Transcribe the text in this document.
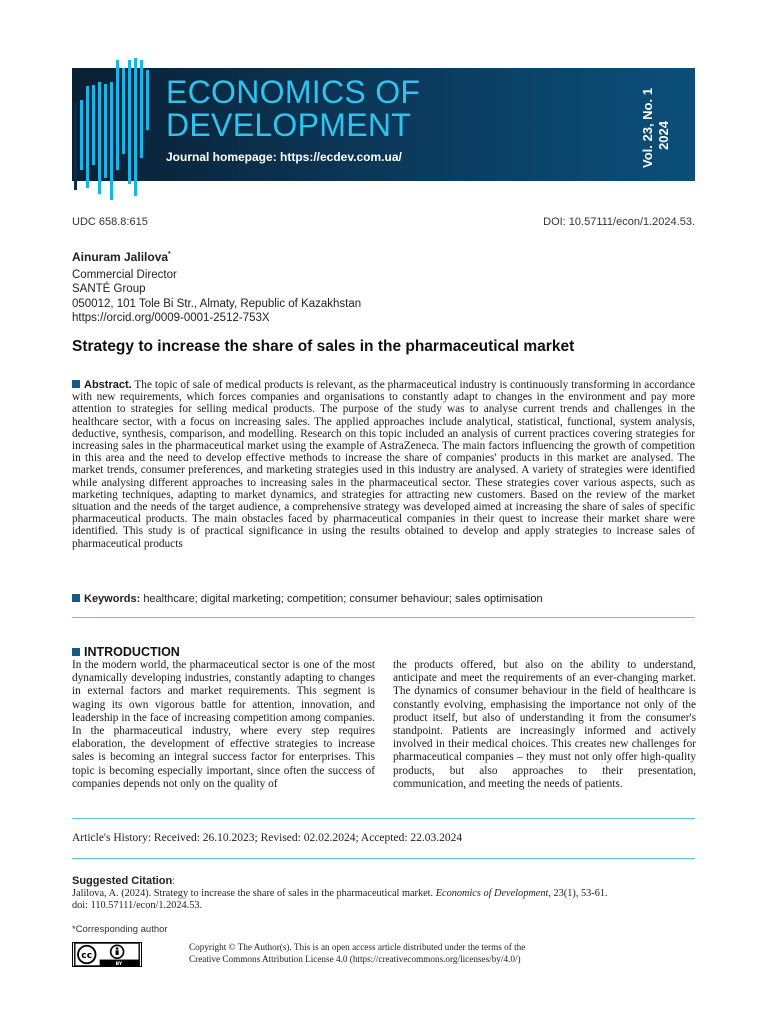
ECONOMICS OF
DEVELOPMENT
Journal homepage: https://ecdev.com.ua/	Vol. 23, No. 1 2024
UDC 658.8:615	DOI: 10.57111/econ/1.2024.53.
Ainuram Jalilova*
Commercial Director
SANTÉ Group
050012, 101 Tole Bi Str., Almaty, Republic of Kazakhstan
https://orcid.org/0009-0001-2512-753X
Strategy to increase the share of sales in the pharmaceutical market
Abstract. The topic of sale of medical products is relevant, as the pharmaceutical industry is continuously transforming in accordance with new requirements, which forces companies and organisations to constantly adapt to changes in the environment and pay more attention to strategies for selling medical products. The purpose of the study was to analyse current trends and challenges in the healthcare sector, with a focus on increasing sales. The applied approaches include analytical, statistical, functional, system analysis, deductive, synthesis, comparison, and modelling. Research on this topic included an analysis of current practices covering strategies for increasing sales in the pharmaceutical market using the example of AstraZeneca. The main factors influencing the growth of competition in this area and the need to develop effective methods to increase the share of companies' products in this market are analysed. The market trends, consumer preferences, and marketing strategies used in this industry are analysed. A variety of strategies were identified while analysing different approaches to increasing sales in the pharmaceutical sector. These strategies cover various aspects, such as marketing techniques, adapting to market dynamics, and strategies for attracting new customers. Based on the review of the market situation and the needs of the target audience, a comprehensive strategy was developed aimed at increasing the share of sales of specific pharmaceutical products. The main obstacles faced by pharmaceutical companies in their quest to increase their market share were identified. This study is of practical significance in using the results obtained to develop and apply strategies to increase sales of pharmaceutical products
Keywords: healthcare; digital marketing; competition; consumer behaviour; sales optimisation
INTRODUCTION
In the modern world, the pharmaceutical sector is one of the most dynamically developing industries, constantly adapting to changes in external factors and market requirements. This segment is waging its own vigorous battle for attention, innovation, and leadership in the face of increasing competition among companies. In the pharmaceutical industry, where every step requires elaboration, the development of effective strategies to increase sales is becoming an integral success factor for enterprises. This topic is becoming especially important, since often the success of companies depends not only on the quality of
the products offered, but also on the ability to understand, anticipate and meet the requirements of an ever-changing market. The dynamics of consumer behaviour in the field of healthcare is constantly evolving, emphasising the importance not only of the product itself, but also of understanding it from the consumer's standpoint. Patients are increasingly informed and actively involved in their medical choices. This creates new challenges for pharmaceutical companies – they must not only offer high-quality products, but also approaches to their presentation, communication, and meeting the needs of patients.
Article's History: Received: 26.10.2023; Revised: 02.02.2024; Accepted: 22.03.2024
Suggested Citation:
Jalilova, A. (2024). Strategy to increase the share of sales in the pharmaceutical market. Economics of Development, 23(1), 53-61.
doi: 110.57111/econ/1.2024.53.
*Corresponding author
cc
BY
Copyright © The Author(s). This is an open access article distributed under the terms of the
Creative Commons Attribution License 4.0 (https://creativecommons.org/licenses/by/4.0/)
